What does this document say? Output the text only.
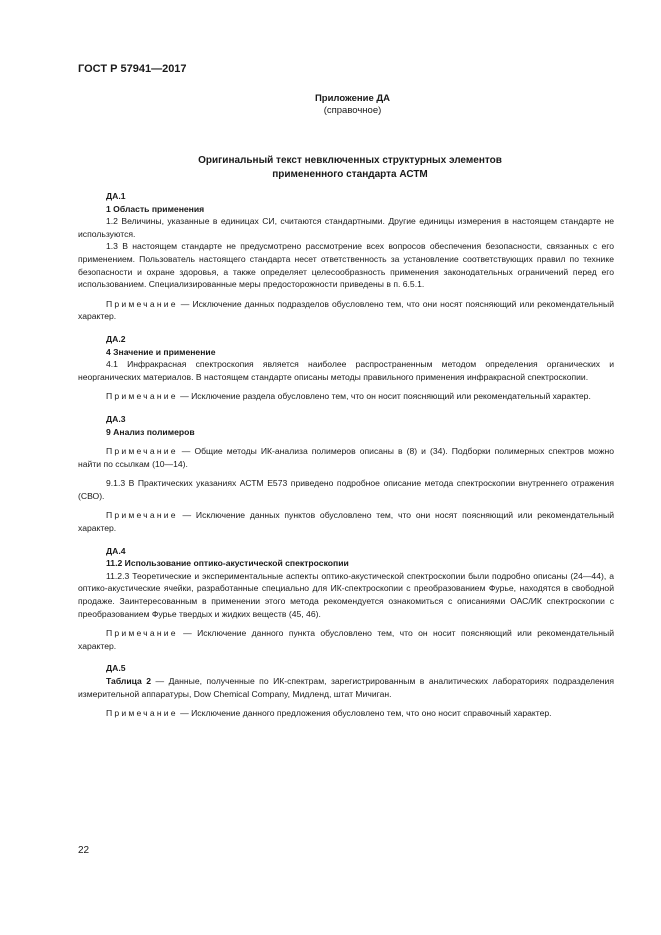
ГОСТ Р 57941—2017
Приложение ДА
(справочное)
Оригинальный текст невключенных структурных элементов
примененного стандарта АСТМ

ДА.1

1 Область применения

1.2 Величины, указанные в единицах СИ, считаются стандартными. Другие единицы измерения в настоящем стандарте не используются.

1.3 В настоящем стандарте не предусмотрено рассмотрение всех вопросов обеспечения безопасности, связанных с его применением. Пользователь настоящего стандарта несет ответственность за установление соответствующих правил по технике безопасности и охране здоровья, а также определяет целесообразность применения законодательных ограничений перед его использованием. Специализированные меры предосторожности приведены в п. 6.5.1.

Примечание — Исключение данных подразделов обусловлено тем, что они носят поясняющий или рекомендательный характер.

ДА.2

4 Значение и применение

4.1 Инфракрасная спектроскопия является наиболее распространенным методом определения органических и неорганических материалов. В настоящем стандарте описаны методы правильного применения инфракрасной спектроскопии.

Примечание — Исключение раздела обусловлено тем, что он носит поясняющий или рекомендательный характер.

ДА.3

9 Анализ полимеров

Примечание — Общие методы ИК-анализа полимеров описаны в (8) и (34). Подборки полимерных спектров можно найти по ссылкам (10—14).

9.1.3 В Практических указаниях АСТМ Е573 приведено подробное описание метода спектроскопии внутреннего отражения (СВО).

Примечание — Исключение данных пунктов обусловлено тем, что они носят поясняющий или рекомендательный характер.

ДА.4

11.2 Использование оптико-акустической спектроскопии

11.2.3 Теоретические и экспериментальные аспекты оптико-акустической спектроскопии были подробно описаны (24—44), а оптико-акустические ячейки, разработанные специально для ИК-спектроскопии с преобразованием Фурье, находятся в свободной продаже. Заинтересованным в применении этого метода рекомендуется ознакомиться с описаниями ОАС/ИК спектроскопии с преобразованием Фурье твердых и жидких веществ (45, 46).

Примечание — Исключение данного пункта обусловлено тем, что он носит поясняющий или рекомендательный характер.

ДА.5

Таблица 2 — Данные, полученные по ИК-спектрам, зарегистрированным в аналитических лабораториях подразделения измерительной аппаратуры, Dow Chemical Company, Мидленд, штат Мичиган.

Примечание — Исключение данного предложения обусловлено тем, что оно носит справочный характер.

22
